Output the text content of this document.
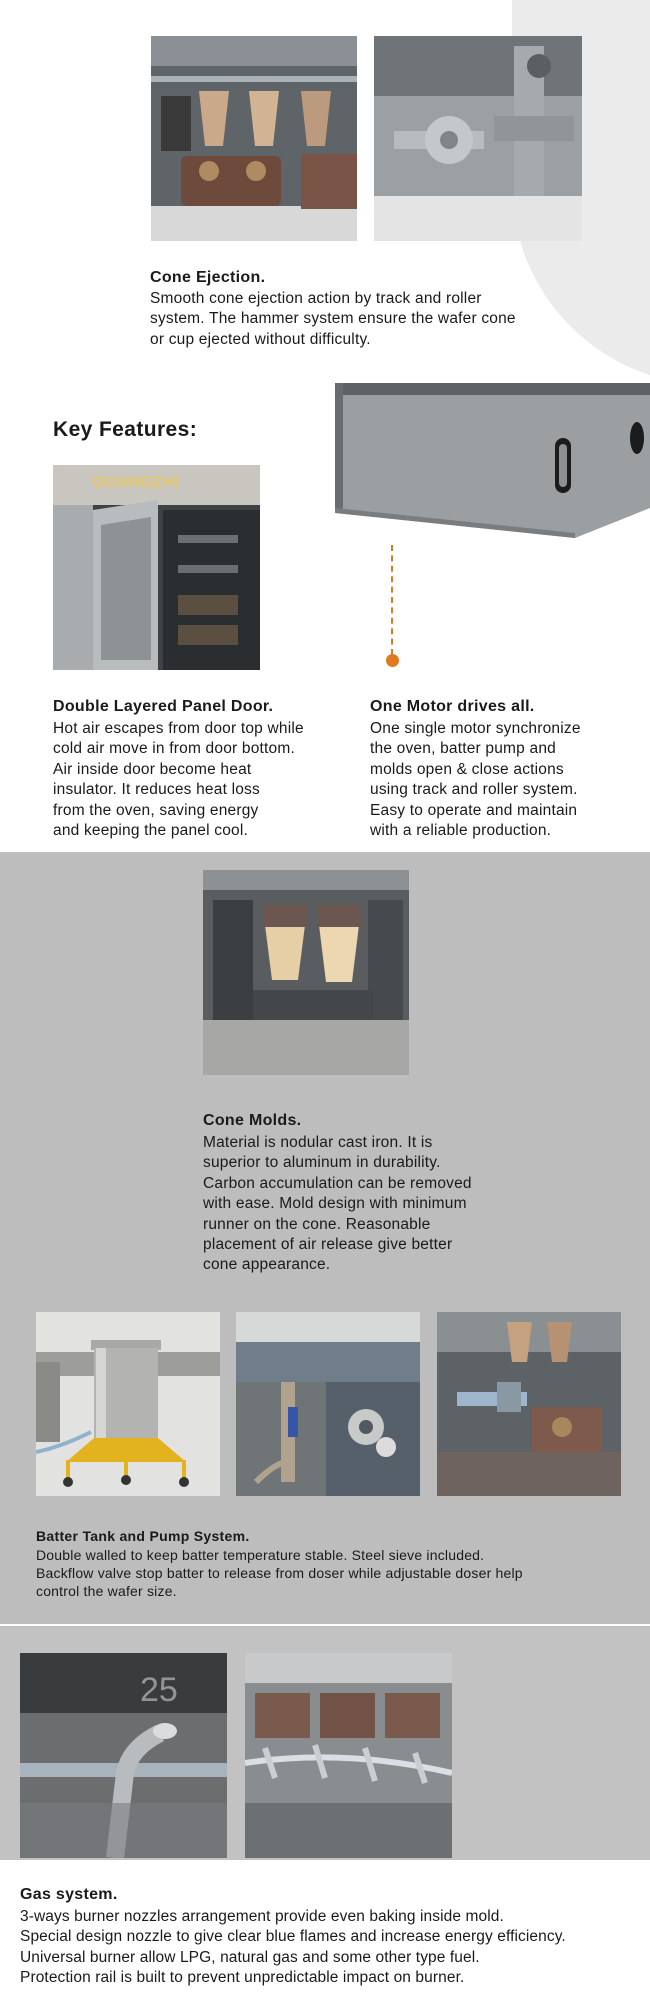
Cone Ejection.
Smooth cone ejection action by track and roller
system. The hammer system ensure the wafer cone
or cup ejected without difficulty.
Key Features:
GUANGZHI
Double Layered Panel Door.
Hot air escapes from door top while
cold air move in from door bottom.
Air inside door become heat
insulator. It reduces heat loss
from the oven, saving energy
and keeping the panel cool.
One Motor drives all.
One single motor synchronize
the oven, batter pump and
molds open & close actions
using track and roller system.
Easy to operate and maintain
with a reliable production.
Cone Molds.
Material is nodular cast iron. It is
superior to aluminum in durability.
Carbon accumulation can be removed
with ease. Mold design with minimum
runner on the cone. Reasonable
placement of air release give better
cone appearance.
Batter Tank and Pump System.
Double walled to keep batter temperature stable. Steel sieve included.
Backflow valve stop batter to release from doser while adjustable doser help
control the wafer size.
25
Gas system.
3-ways burner nozzles arrangement provide even baking inside mold.
Special design nozzle to give clear blue flames and increase energy efficiency.
Universal burner allow LPG, natural gas and some other type fuel.
Protection rail is built to prevent unpredictable impact on burner.
